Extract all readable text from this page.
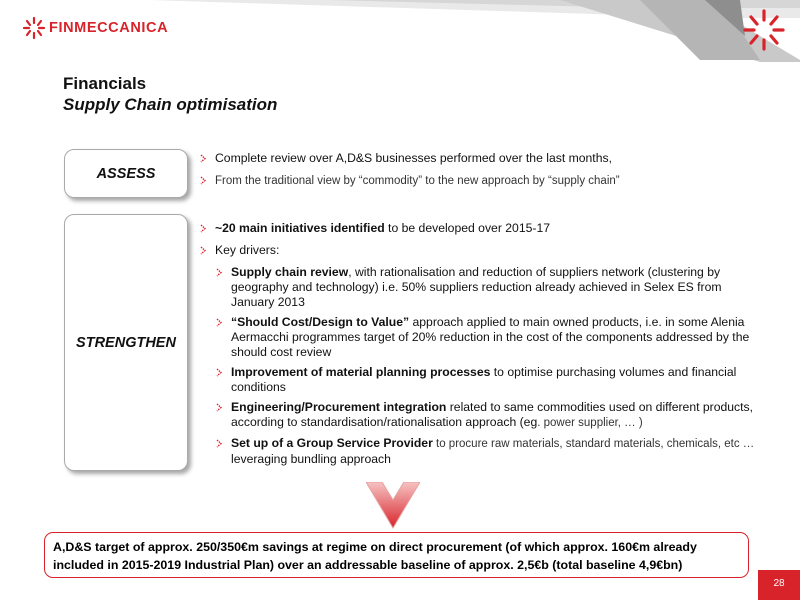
FINMECCANICA
Financials
Supply Chain optimisation
ASSESS
STRENGTHEN
Complete review over A,D&S businesses performed over the last months,
From the traditional view by “commodity” to the new approach by “supply chain”
~20 main initiatives identified to be developed over 2015-17
Key drivers:
Supply chain review, with rationalisation and reduction of suppliers network (clustering by geography and technology) i.e. 50% suppliers reduction already achieved in Selex ES from January 2013
“Should Cost/Design to Value” approach applied to main owned products, i.e. in some Alenia Aermacchi programmes target of 20% reduction in the cost of the components addressed by the should cost review
Improvement of material planning processes to optimise purchasing volumes and financial conditions
Engineering/Procurement integration related to same commodities used on different products, according to standardisation/rationalisation approach (eg. power supplier, … )
Set up of a Group Service Provider to procure raw materials, standard materials, chemicals, etc … leveraging bundling approach
A,D&S target of approx. 250/350€m savings at regime on direct procurement (of which approx. 160€m already
included in 2015-2019 Industrial Plan) over an addressable baseline of approx. 2,5€b (total baseline 4,9€bn)
28
